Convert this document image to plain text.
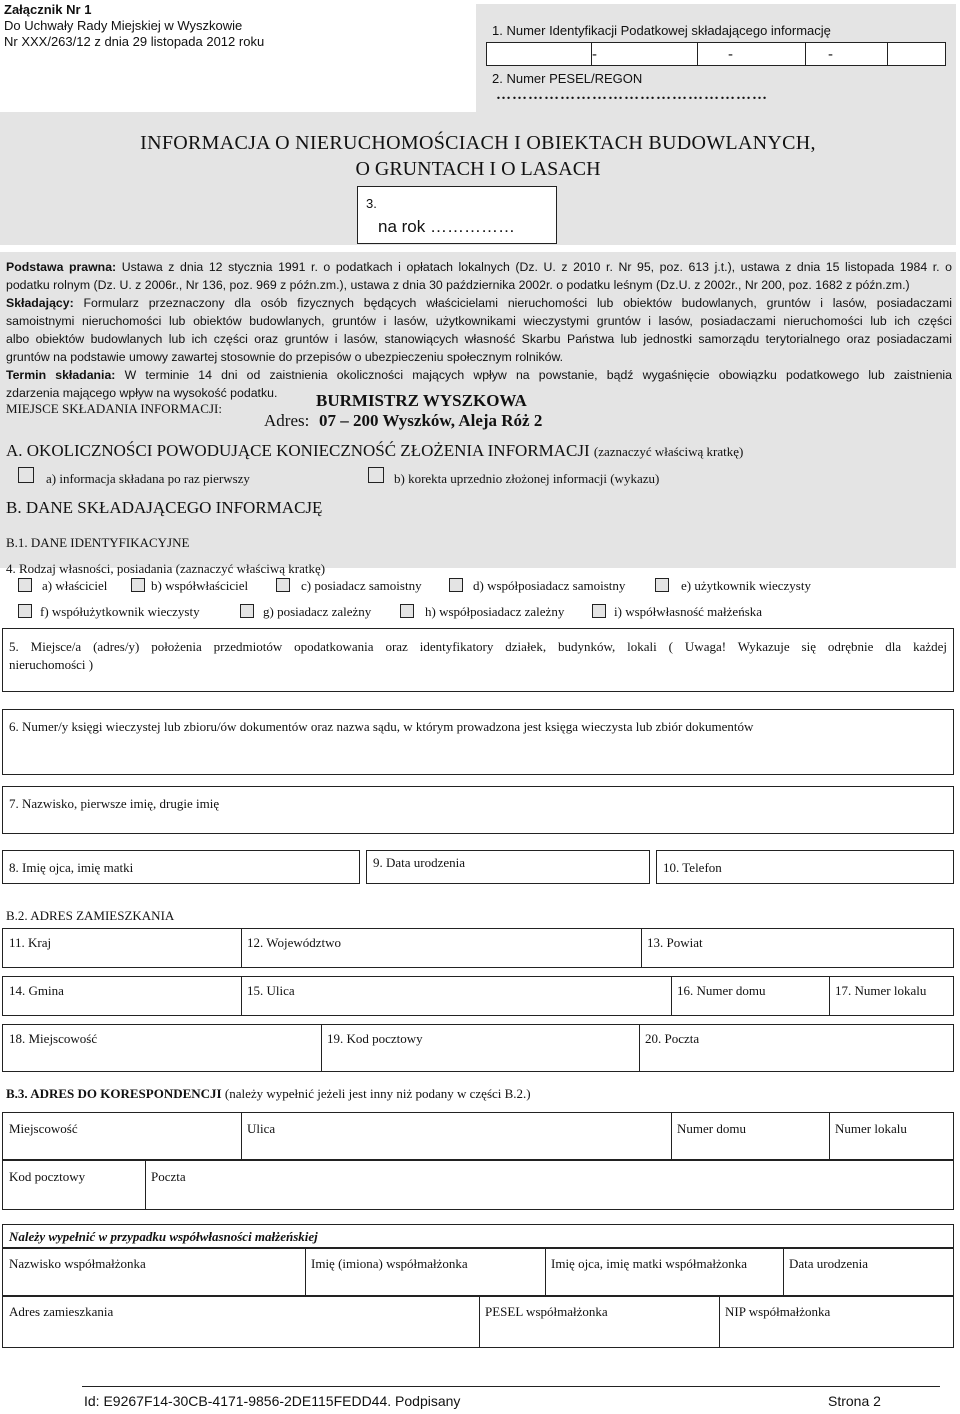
Załącznik Nr 1
Do Uchwały Rady Miejskiej w Wyszkowie
Nr XXX/263/12 z dnia 29 listopada 2012 roku
1. Numer Identyfikacji Podatkowej składającego informację
-	-	-
2. Numer PESEL/REGON
……………………………………………
INFORMACJA O NIERUCHOMOŚCIACH I OBIEKTACH BUDOWLANYCH,
O GRUNTACH I O LASACH
3.
na rok ……………
Podstawa prawna: Ustawa z dnia 12 stycznia 1991 r. o podatkach i opłatach lokalnych (Dz. U. z 2010 r. Nr 95, poz. 613 j.t.), ustawa z dnia 15 listopada 1984 r. o
podatku rolnym (Dz. U. z 2006r., Nr 136, poz. 969 z późn.zm.), ustawa z dnia 30 października 2002r. o podatku leśnym (Dz.U. z 2002r., Nr 200, poz. 1682 z późn.zm.)
Składający: Formularz przeznaczony dla osób fizycznych będących właścicielami nieruchomości lub obiektów budowlanych, gruntów i lasów, posiadaczami
samoistnymi nieruchomości lub obiektów budowlanych, gruntów i lasów, użytkownikami wieczystymi gruntów i lasów, posiadaczami nieruchomości lub ich części
albo obiektów budowlanych lub ich części oraz gruntów i lasów, stanowiących własność Skarbu Państwa lub jednostki samorządu terytorialnego oraz posiadaczami
gruntów na podstawie umowy zawartej stosownie do przepisów o ubezpieczeniu społecznym rolników.
Termin składania: W terminie 14 dni od zaistnienia okoliczności mających wpływ na powstanie, bądź wygaśnięcie obowiązku podatkowego lub zaistnienia
zdarzenia mającego wpływ na wysokość podatku.
MIEJSCE SKŁADANIA INFORMACJI:	BURMISTRZ WYSZKOWA
Adres: 07 – 200 Wyszków, Aleja Róż 2
A. OKOLICZNOŚCI POWODUJĄCE KONIECZNOŚĆ ZŁOŻENIA INFORMACJI (zaznaczyć właściwą kratkę)
a) informacja składana po raz pierwszy	b) korekta uprzednio złożonej informacji (wykazu)
B. DANE SKŁADAJĄCEGO INFORMACJĘ
B.1. DANE IDENTYFIKACYJNE
4. Rodzaj własności, posiadania (zaznaczyć właściwą kratkę)
a) właściciel	b) współwłaściciel	c) posiadacz samoistny	d) współposiadacz samoistny	e) użytkownik wieczysty
f) współużytkownik wieczysty	g) posiadacz zależny	h) współposiadacz zależny	i) współwłasność małżeńska
5. Miejsce/a (adres/y) położenia przedmiotów opodatkowania oraz identyfikatory działek, budynków, lokali ( Uwaga! Wykazuje się odrębnie dla każdej
nieruchomości )
6. Numer/y księgi wieczystej lub zbioru/ów dokumentów oraz nazwa sądu, w którym prowadzona jest księga wieczysta lub zbiór dokumentów
7. Nazwisko, pierwsze imię, drugie imię
8. Imię ojca, imię matki	9. Data urodzenia	10. Telefon
B.2. ADRES ZAMIESZKANIA
11. Kraj	12. Województwo	13. Powiat
14. Gmina	15. Ulica	16. Numer domu	17. Numer lokalu
18. Miejscowość	19. Kod pocztowy	20. Poczta
B.3. ADRES DO KORESPONDENCJI (należy wypełnić jeżeli jest inny niż podany w części B.2.)
Miejscowość	Ulica	Numer domu	Numer lokalu
Kod pocztowy	Poczta
Należy wypełnić w przypadku współwłasności małżeńskiej
Nazwisko współmałżonka	Imię (imiona) współmałżonka	Imię ojca, imię matki współmałżonka	Data urodzenia
Adres zamieszkania	PESEL współmałżonka	NIP współmałżonka
Id: E9267F14-30CB-4171-9856-2DE115FEDD44. Podpisany	Strona 2
